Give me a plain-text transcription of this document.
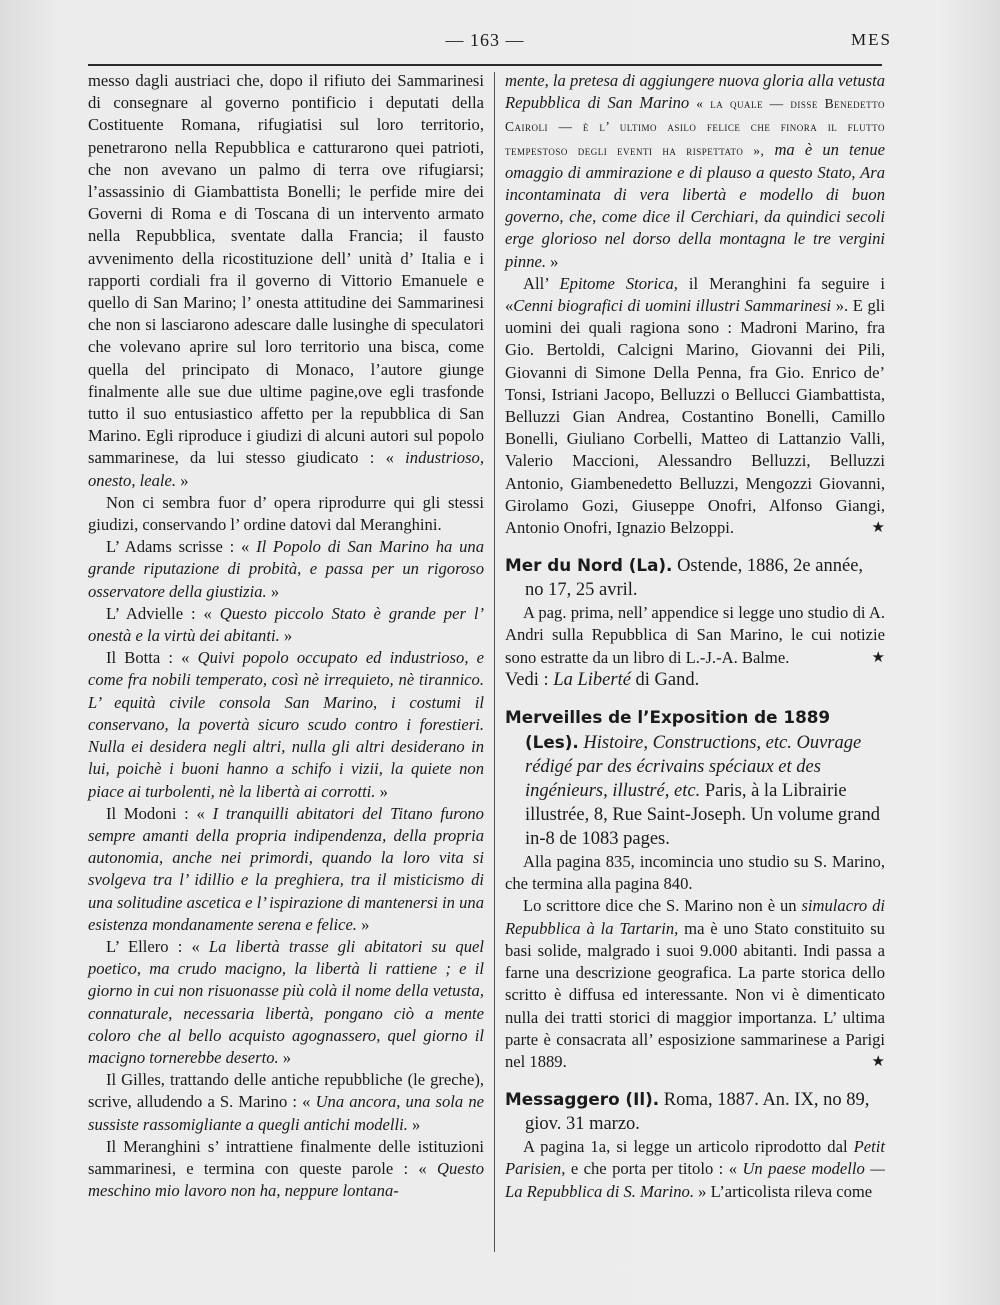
— 163 —	MES

messo dagli austriaci che, dopo il rifiuto dei Sammarinesi di consegnare al governo pontificio i deputati della Costituente Romana, rifugiatisi sul loro territorio, penetrarono nella Repubblica e catturarono quei patrioti, che non avevano un palmo di terra ove rifugiarsi; l’assassinio di Giambattista Bonelli; le perfide mire dei Governi di Roma e di Toscana di un intervento armato nella Repubblica, sventate dalla Francia; il fausto avvenimento della ricostituzione dell’ unità d’ Italia e i rapporti cordiali fra il governo di Vittorio Emanuele e quello di San Marino; l’ onesta attitudine dei Sammarinesi che non si lasciarono adescare dalle lusinghe di speculatori che volevano aprire sul loro territorio una bisca, come quella del principato di Monaco, l’autore giunge finalmente alle sue due ultime pagine,ove egli trasfonde tutto il suo entusiastico affetto per la repubblica di San Marino. Egli riproduce i giudizi di alcuni autori sul popolo sammarinese, da lui stesso giudicato : « industrioso, onesto, leale. »

Non ci sembra fuor d’ opera riprodurre qui gli stessi giudizi, conservando l’ ordine datovi dal Meranghini.

L’ Adams scrisse : « Il Popolo di San Marino ha una grande riputazione di probità, e passa per un rigoroso osservatore della giustizia. »

L’ Advielle : « Questo piccolo Stato è grande per l’ onestà e la virtù dei abitanti. »

Il Botta : « Quivi popolo occupato ed industrioso, e come fra nobili temperato, così nè irrequieto, nè tirannico. L’ equità civile consola San Marino, i costumi il conservano, la povertà sicuro scudo contro i forestieri. Nulla ei desidera negli altri, nulla gli altri desiderano in lui, poichè i buoni hanno a schifo i vizii, la quiete non piace ai turbolenti, nè la libertà ai corrotti. »

Il Modoni : « I tranquilli abitatori del Titano furono sempre amanti della propria indipendenza, della propria autonomia, anche nei primordi, quando la loro vita si svolgeva tra l’ idillio e la preghiera, tra il misticismo di una solitudine ascetica e l’ ispirazione di mantenersi in una esistenza mondanamente serena e felice. »

L’ Ellero : « La libertà trasse gli abitatori su quel poetico, ma crudo macigno, la libertà li rattiene ; e il giorno in cui non risuonasse più colà il nome della vetusta, connaturale, necessaria libertà, pongano ciò a mente coloro che al bello acquisto agognassero, quel giorno il macigno tornerebbe deserto. »

Il Gilles, trattando delle antiche repubbliche (le greche), scrive, alludendo a S. Marino : « Una ancora, una sola ne sussiste rassomigliante a quegli antichi modelli. »

Il Meranghini s’ intrattiene finalmente delle istituzioni sammarinesi, e termina con queste parole : « Questo meschino mio lavoro non ha, neppure lontana-

mente, la pretesa di aggiungere nuova gloria alla vetusta Repubblica di San Marino « la quale — disse Benedetto Cairoli — è l’ ultimo asilo felice che finora il flutto tempestoso degli eventi ha rispettato », ma è un tenue omaggio di ammirazione e di plauso a questo Stato, Ara incontaminata di vera libertà e modello di buon governo, che, come dice il Cerchiari, da quindici secoli erge glorioso nel dorso della montagna le tre vergini pinne. »

All’ Epitome Storica, il Meranghini fa seguire i «Cenni biografici di uomini illustri Sammarinesi ». E gli uomini dei quali ragiona sono : Madroni Marino, fra Gio. Bertoldi, Calcigni Marino, Giovanni dei Pili, Giovanni di Simone Della Penna, fra Gio. Enrico de’ Tonsi, Istriani Jacopo, Belluzzi o Bellucci Giambattista, Belluzzi Gian Andrea, Costantino Bonelli, Camillo Bonelli, Giuliano Corbelli, Matteo di Lattanzio Valli, Valerio Maccioni, Alessandro Belluzzi, Belluzzi Antonio, Giambenedetto Belluzzi, Mengozzi Giovanni, Girolamo Gozi, Giuseppe Onofri, Alfonso Giangi, Antonio Onofri, Ignazio Belzoppi.	★

Mer du Nord (La). Ostende, 1886, 2e année, no 17, 25 avril.

A pag. prima, nell’ appendice si legge uno studio di A. Andri sulla Repubblica di San Marino, le cui notizie sono estratte da un libro di L.-J.-A. Balme.	★

Vedi : La Liberté di Gand.

Merveilles de l’Exposition de 1889 (Les). Histoire, Constructions, etc. Ouvrage rédigé par des écrivains spéciaux et des ingénieurs, illustré, etc. Paris, à la Librairie illustrée, 8, Rue Saint-Joseph. Un volume grand in-8 de 1083 pages.

Alla pagina 835, incomincia uno studio su S. Marino, che termina alla pagina 840.

Lo scrittore dice che S. Marino non è un simulacro di Repubblica à la Tartarin, ma è uno Stato constituito su basi solide, malgrado i suoi 9.000 abitanti. Indi passa a farne una descrizione geografica. La parte storica dello scritto è diffusa ed interessante. Non vi è dimenticato nulla dei tratti storici di maggior importanza. L’ ultima parte è consacrata all’ esposizione sammarinese a Parigi nel 1889.	★

Messaggero (Il). Roma, 1887. An. IX, no 89, giov. 31 marzo.

A pagina 1a, si legge un articolo riprodotto dal Petit Parisien, e che porta per titolo : « Un paese modello — La Repubblica di S. Marino. » L’articolista rileva come
